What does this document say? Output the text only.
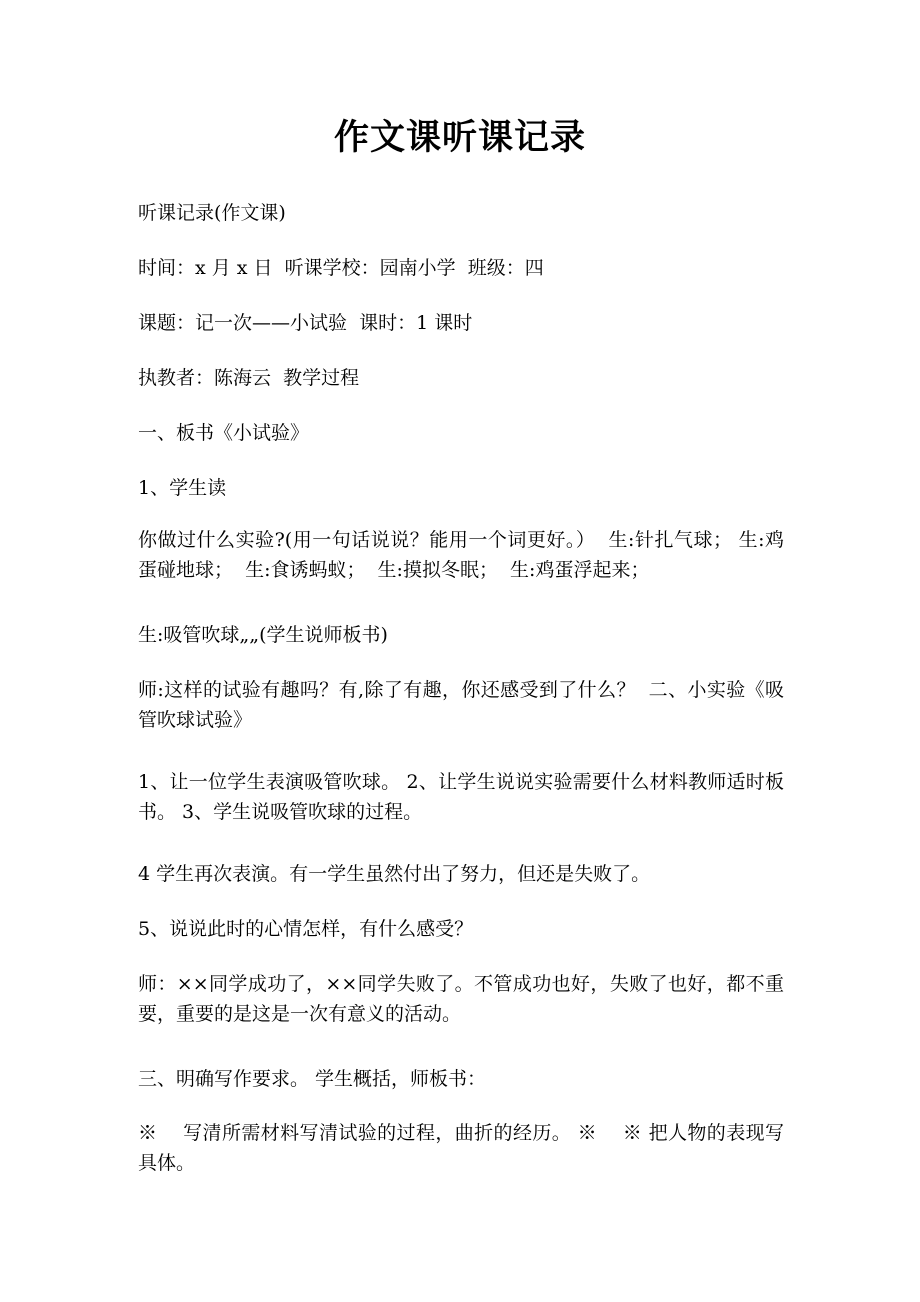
作文课听课记录
听课记录(作文课)
时间：x 月 x 日  听课学校：园南小学  班级：四
课题：记一次——小试验  课时：1 课时
执教者：陈海云  教学过程
一、板书《小试验》
1、学生读
你做过什么实验?(用一句话说说？能用一个词更好。）  生:针扎气球； 生:鸡蛋碰地球；  生:食诱蚂蚁；  生:摸拟冬眠；  生:鸡蛋浮起来；
生:吸管吹球„„(学生说师板书)
师:这样的试验有趣吗？有,除了有趣，你还感受到了什么？  二、小实验《吸管吹球试验》
1、让一位学生表演吸管吹球。 2、让学生说说实验需要什么材料教师适时板书。 3、学生说吸管吹球的过程。
4 学生再次表演。有一学生虽然付出了努力，但还是失败了。
5、说说此时的心情怎样，有什么感受？
师：××同学成功了，××同学失败了。不管成功也好，失败了也好，都不重要，重要的是这是一次有意义的活动。
三、明确写作要求。 学生概括，师板书：
※    写清所需材料写清试验的过程，曲折的经历。 ※    ※ 把人物的表现写具体。
